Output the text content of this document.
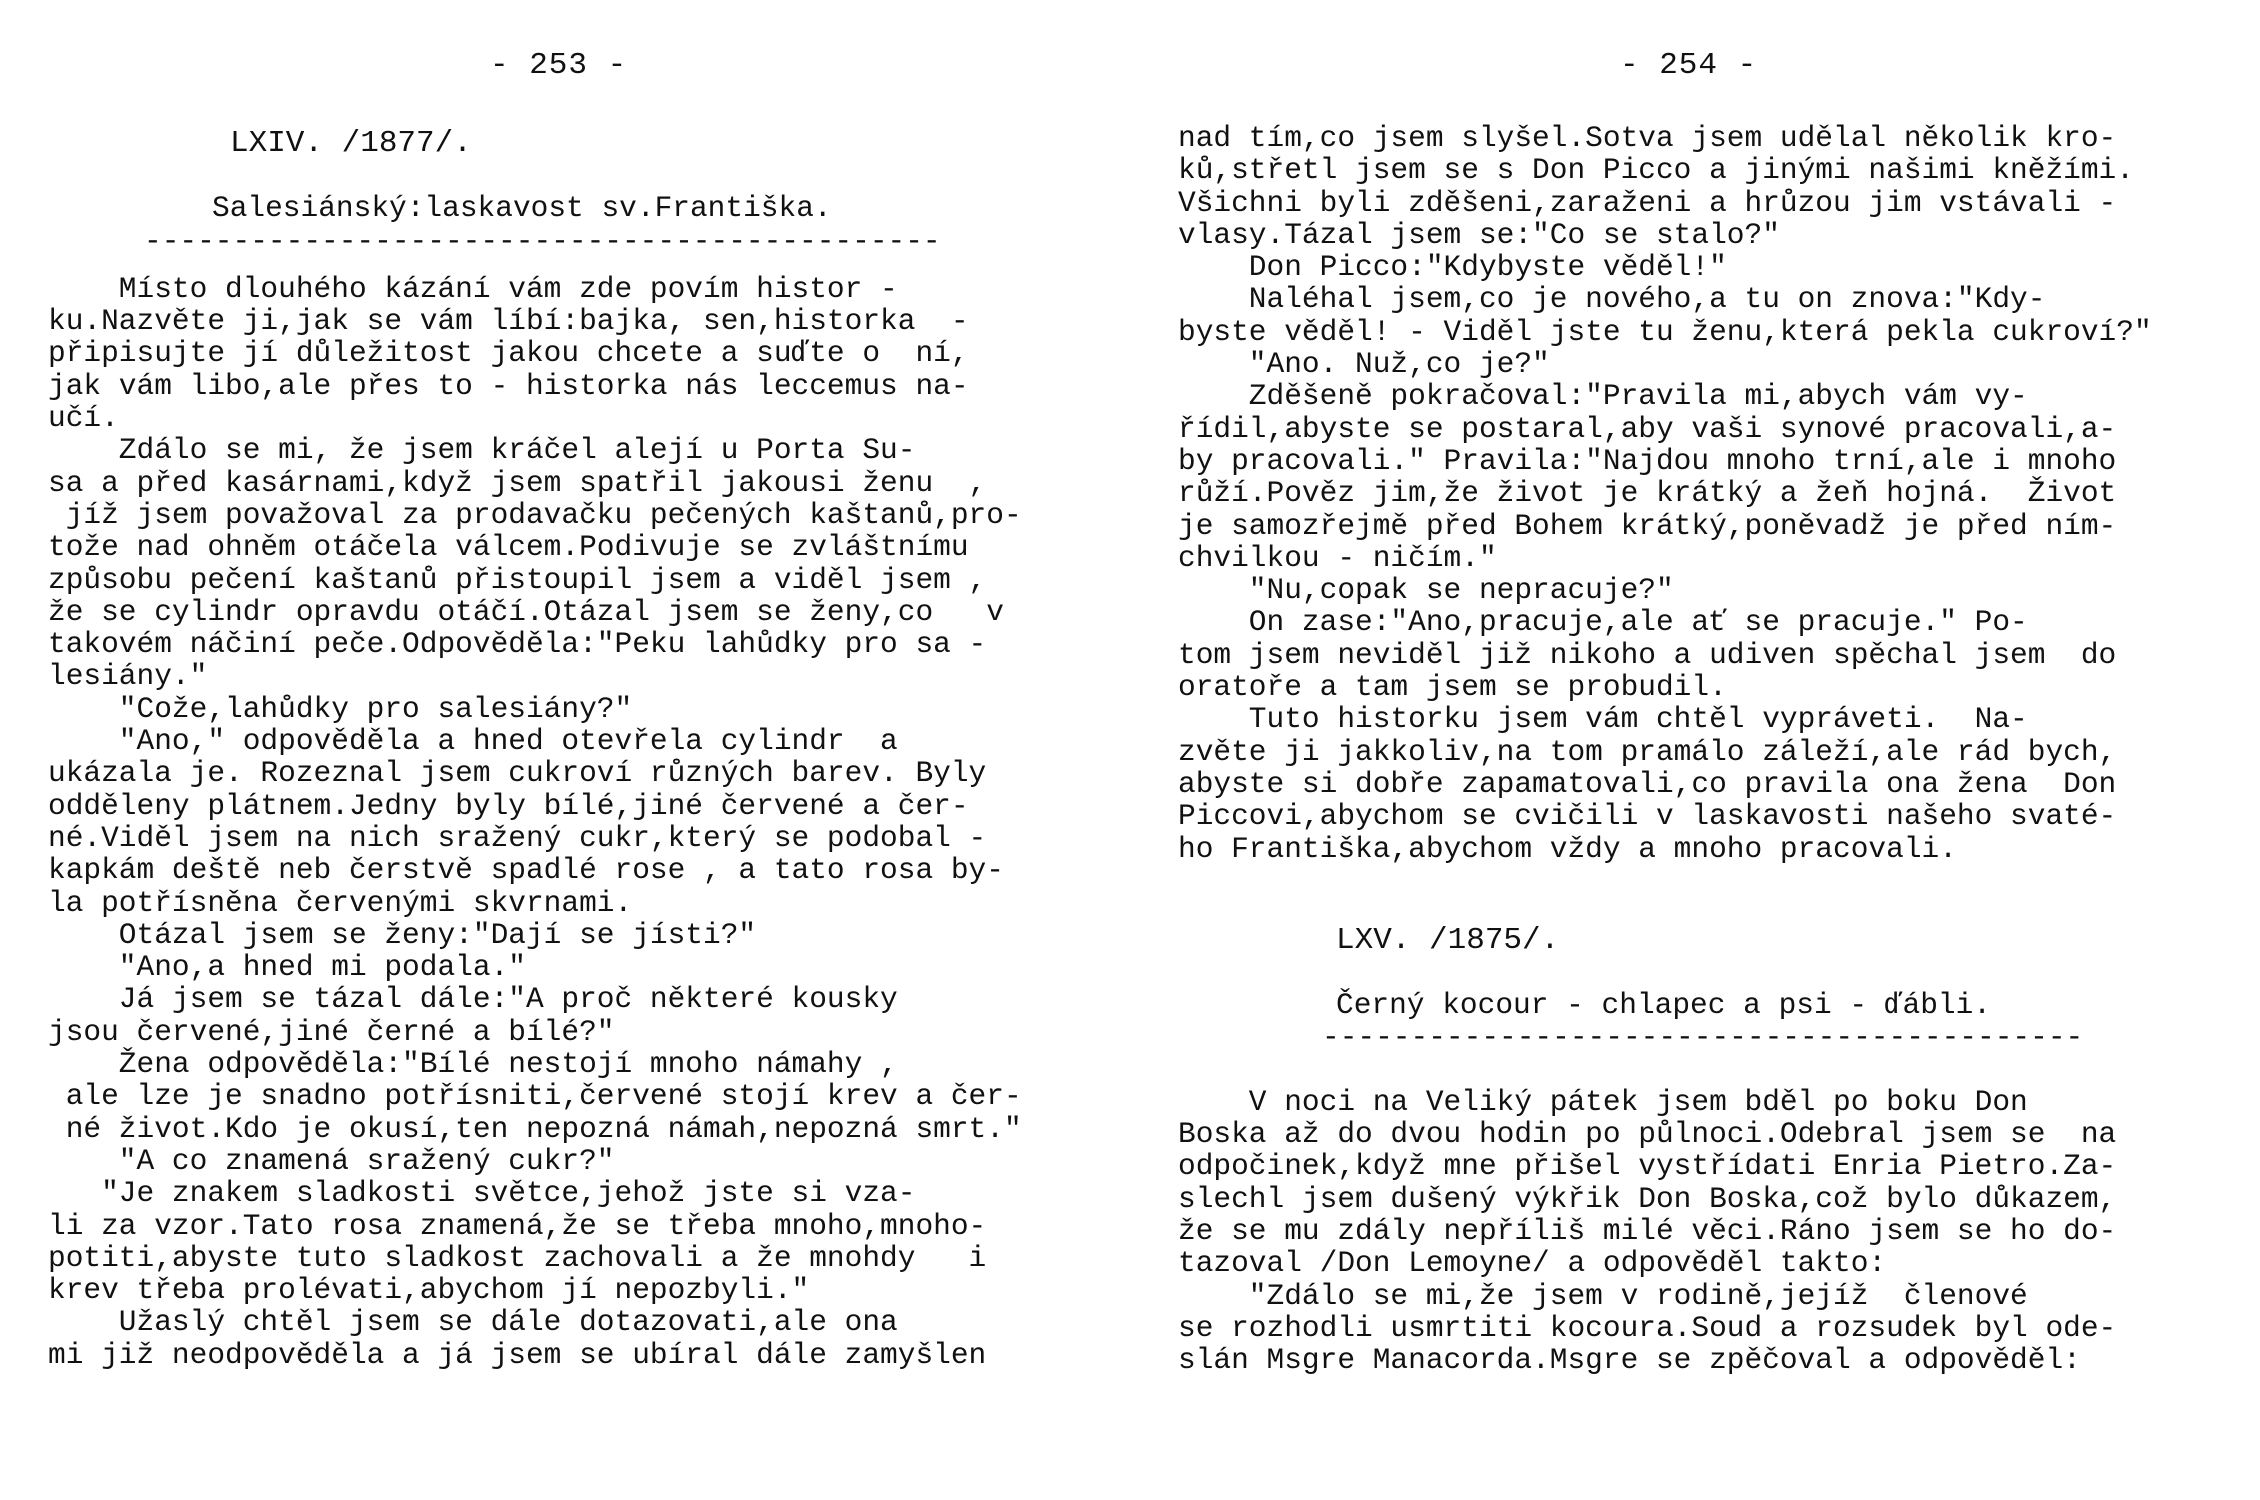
- 253 -
LXIV. /1877/.
Salesiánský:laskavost sv.Františka.
---------------------------------------------
Místo dlouhého kázání vám zde povím histor -
ku.Nazvěte ji,jak se vám líbí:bajka, sen,historka  -
připisujte jí důležitost jakou chcete a suďte o  ní,
jak vám libo,ale přes to - historka nás leccemus na-
učí.
Zdálo se mi, že jsem kráčel alejí u Porta Su-
sa a před kasárnami,když jsem spatřil jakousi ženu  ,
jíž jsem považoval za prodavačku pečených kaštanů,pro-
tože nad ohněm otáčela válcem.Podivuje se zvláštnímu
způsobu pečení kaštanů přistoupil jsem a viděl jsem ,
že se cylindr opravdu otáčí.Otázal jsem se ženy,co   v
takovém náčiní peče.Odpověděla:"Peku lahůdky pro sa -
lesiány."
"Cože,lahůdky pro salesiány?"
"Ano," odpověděla a hned otevřela cylindr  a
ukázala je. Rozeznal jsem cukroví různých barev. Byly
odděleny plátnem.Jedny byly bílé,jiné červené a čer-
né.Viděl jsem na nich sražený cukr,který se podobal -
kapkám deště neb čerstvě spadlé rose , a tato rosa by-
la potřísněna červenými skvrnami.
Otázal jsem se ženy:"Dají se jísti?"
"Ano,a hned mi podala."
Já jsem se tázal dále:"A proč některé kousky
jsou červené,jiné černé a bílé?"
Žena odpověděla:"Bílé nestojí mnoho námahy ,
ale lze je snadno potřísniti,červené stojí krev a čer-
né život.Kdo je okusí,ten nepozná námah,nepozná smrt."
"A co znamená sražený cukr?"
"Je znakem sladkosti světce,jehož jste si vza-
li za vzor.Tato rosa znamená,že se třeba mnoho,mnoho-
potiti,abyste tuto sladkost zachovali a že mnohdy   i
krev třeba prolévati,abychom jí nepozbyli."
Užaslý chtěl jsem se dále dotazovati,ale ona
mi již neodpověděla a já jsem se ubíral dále zamyšlen
- 254 -
nad tím,co jsem slyšel.Sotva jsem udělal několik kro-
ků,střetl jsem se s Don Picco a jinými našimi kněžími.
Všichni byli zděšeni,zaraženi a hrůzou jim vstávali -
vlasy.Tázal jsem se:"Co se stalo?"
Don Picco:"Kdybyste věděl!"
Naléhal jsem,co je nového,a tu on znova:"Kdy-
byste věděl! - Viděl jste tu ženu,která pekla cukroví?"
"Ano. Nuž,co je?"
Zděšeně pokračoval:"Pravila mi,abych vám vy-
řídil,abyste se postaral,aby vaši synové pracovali,a-
by pracovali." Pravila:"Najdou mnoho trní,ale i mnoho
růží.Pověz jim,že život je krátký a žeň hojná.  Život
je samozřejmě před Bohem krátký,poněvadž je před ním-
chvilkou - ničím."
"Nu,copak se nepracuje?"
On zase:"Ano,pracuje,ale ať se pracuje." Po-
tom jsem neviděl již nikoho a udiven spěchal jsem  do
oratoře a tam jsem se probudil.
Tuto historku jsem vám chtěl vypráveti.  Na-
zvěte ji jakkoliv,na tom pramálo záleží,ale rád bych,
abyste si dobře zapamatovali,co pravila ona žena  Don
Piccovi,abychom se cvičili v laskavosti našeho svaté-
ho Františka,abychom vždy a mnoho pracovali.
LXV. /1875/.
Černý kocour - chlapec a psi - ďábli.
-------------------------------------------
V noci na Veliký pátek jsem bděl po boku Don
Boska až do dvou hodin po půlnoci.Odebral jsem se  na
odpočinek,když mne přišel vystřídati Enria Pietro.Za-
slechl jsem dušený výkřik Don Boska,což bylo důkazem,
že se mu zdály nepříliš milé věci.Ráno jsem se ho do-
tazoval /Don Lemoyne/ a odpověděl takto:
"Zdálo se mi,že jsem v rodině,jejíž  členové
se rozhodli usmrtiti kocoura.Soud a rozsudek byl ode-
slán Msgre Manacorda.Msgre se zpěčoval a odpověděl:
